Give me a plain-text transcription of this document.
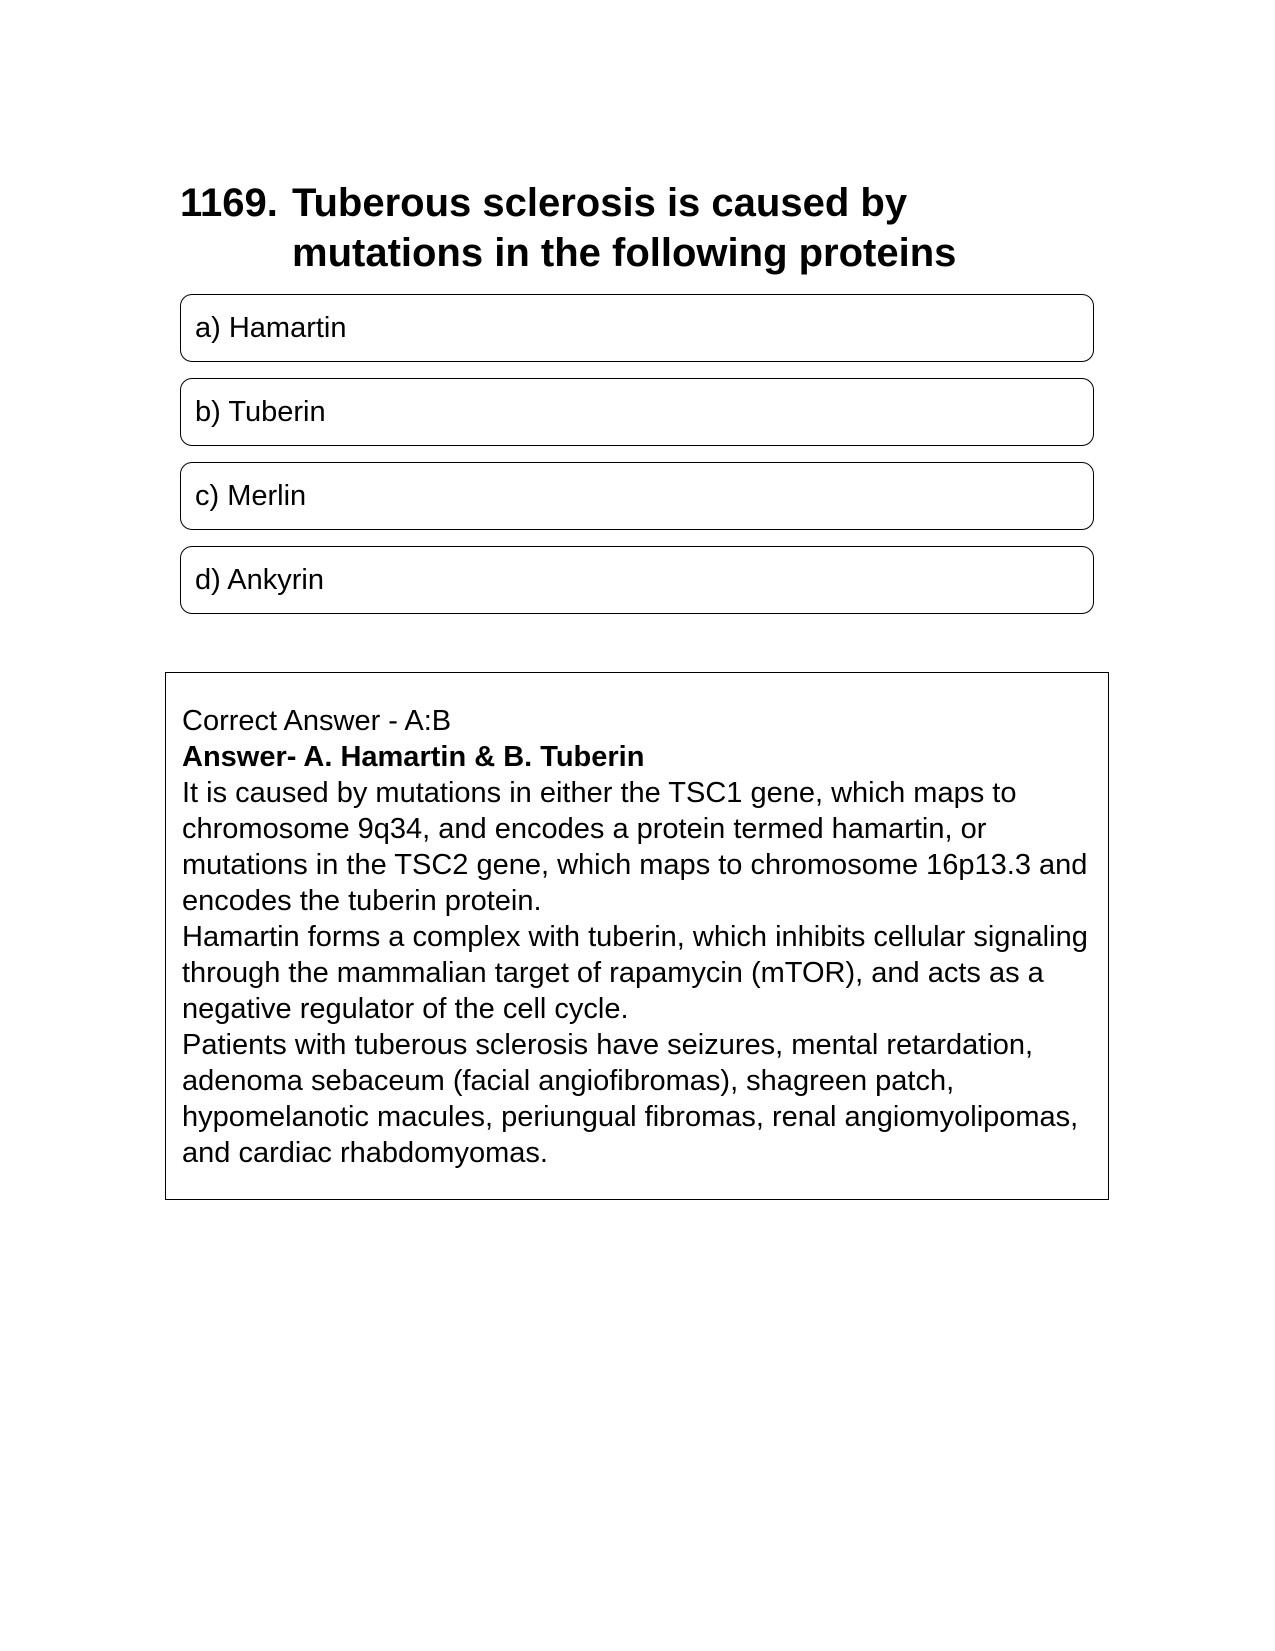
1169. Tuberous sclerosis is caused by mutations in the following proteins
a) Hamartin
b) Tuberin
c) Merlin
d) Ankyrin

Correct Answer - A:B

Answer- A. Hamartin & B. Tuberin

It is caused by mutations in either the TSC1 gene, which maps to chromosome 9q34, and encodes a protein termed hamartin, or mutations in the TSC2 gene, which maps to chromosome 16p13.3 and encodes the tuberin protein.

Hamartin forms a complex with tuberin, which inhibits cellular signaling through the mammalian target of rapamycin (mTOR), and acts as a negative regulator of the cell cycle.

Patients with tuberous sclerosis have seizures, mental retardation, adenoma sebaceum (facial angiofibromas), shagreen patch, hypomelanotic macules, periungual fibromas, renal angiomyolipomas, and cardiac rhabdomyomas.
